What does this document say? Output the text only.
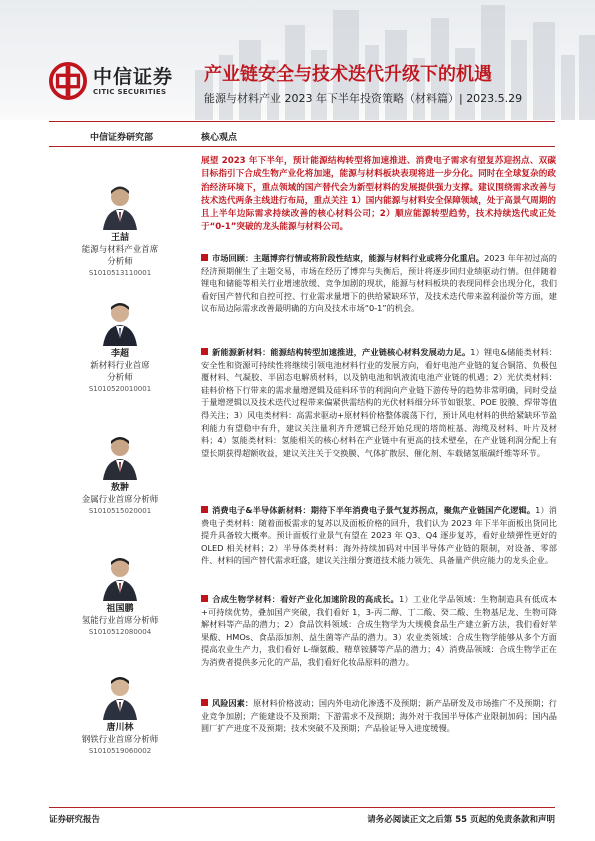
中信证券
CITIC SECURITIES
产业链安全与技术迭代升级下的机遇
能源与材料产业 2023 年下半年投资策略（材料篇）| 2023.5.29
中信证券研究部	核心观点
王喆
能源与材料产业首席
分析师
S1010513110001
李超
新材料行业首席
分析师
S1010520010001
敖翀
金属行业首席分析师
S1010515020001
祖国鹏
氢能行业首席分析师
S1010512080004
唐川林
钢铁行业首席分析师
S1010519060002
展望 2023 年下半年，预计能源结构转型将加速推进、消费电子需求有望复苏迎拐点、双碳目标指引下合成生物产业化将加速，能源与材料板块表现将进一步分化。同时在全球复杂的政治经济环境下，重点领域的国产替代会为新型材料的发展提供强力支撑。建议围绕需求改善与技术迭代两条主线进行布局，重点关注 1）国内能源与材料安全保障领域，处于高景气周期的且上半年边际需求持续改善的核心材料公司；2）顺应能源转型趋势，技术持续迭代或正处于“0-1”突破的龙头能源与材料公司。
市场回顾：主题博弈行情或将阶段性结束，能源与材料行业或将分化重启。2023 年年初过高的经济预期催生了主题交易，市场在经历了博弈与失衡后，预计将逐步回归业绩驱动行情。但伴随着锂电和储能等相关行业增速放缓、竞争加剧的现状，能源与材料板块的表现同样会出现分化，我们看好国产替代和自控可控、行业需求量增下的供给紧缺环节，及技术迭代带来盈利溢价等方面，建议布局边际需求改善最明确的方向及技术市场“0-1”的机会。
新能源新材料：能源结构转型加速推进，产业链核心材料发展动力足。1）锂电&储能类材料：安全性和资源可持续性将继续引领电池材料行业的发展方向，看好电池产业链的复合铜箔、负极包覆材料、气凝胶、半固态电解质材料，以及钠电池和钒液流电池产业链的机遇；2）光伏类材料：硅料价格下行带来的需求量增逻辑及硅料环节的利润向产业链下游传导的趋势非常明确，同时受益于量增逻辑以及技术迭代过程带来偏紧供需结构的光伏材料细分环节如银浆、POE 胶膜、焊带等值得关注；3）风电类材料：高需求驱动+原材料价格整体震荡下行，预计风电材料的供给紧缺环节盈利能力有望稳中有升，建议关注量利齐升逻辑已经开始兑现的塔筒桩基、海缆及材料、叶片及材料；4）氢能类材料：氢能相关的核心材料在产业链中有更高的技术壁垒，在产业链利润分配上有望长期获得超额收益，建议关注关于交换膜、气体扩散层、催化剂、车载储氢瓶碳纤维等环节。
消费电子&半导体新材料：期待下半年消费电子景气复苏拐点，聚焦产业链国产化逻辑。1）消费电子类材料：随着面板需求的复苏以及面板价格的回升，我们认为 2023 年下半年面板出货同比提升具备较大概率。预计面板行业景气有望在 2023 年 Q3、Q4 逐步复苏，看好业绩弹性更好的 OLED 相关材料；2）半导体类材料：海外持续加码对中国半导体产业链的限制，对设备、零部件、材料的国产替代需求旺盛，建议关注细分赛道技术能力领先、具备量产供应能力的龙头企业。
合成生物学材料：看好产业化加速阶段的高成长。1）工业化学品领域：生物制造具有低成本+可持续优势，叠加国产突破，我们看好 1，3-丙二醇、丁二酸、癸二酸、生物基尼龙、生物可降解材料等产品的潜力；2）食品饮料领域：合成生物学为大规模食品生产建立新方法，我们看好苹果酸、HMOs、食品添加剂、益生菌等产品的潜力。3）农业类领域：合成生物学能够从多个方面提高农业生产力，我们看好 L-缬氨酸、精草铵膦等产品的潜力；4）消费品领域：合成生物学正在为消费者提供多元化的产品，我们看好化妆品原料的潜力。
风险因素：原材料价格波动；国内外电动化渗透不及预期；新产品研发及市场推广不及预期；行业竞争加剧；产能建设不及预期；下游需求不及预期；海外对于我国半导体产业限制加码；国内晶圆厂扩产进度不及预期；技术突破不及预期；产品验证导入进度缓慢。
证券研究报告	请务必阅读正文之后第 55 页起的免责条款和声明
